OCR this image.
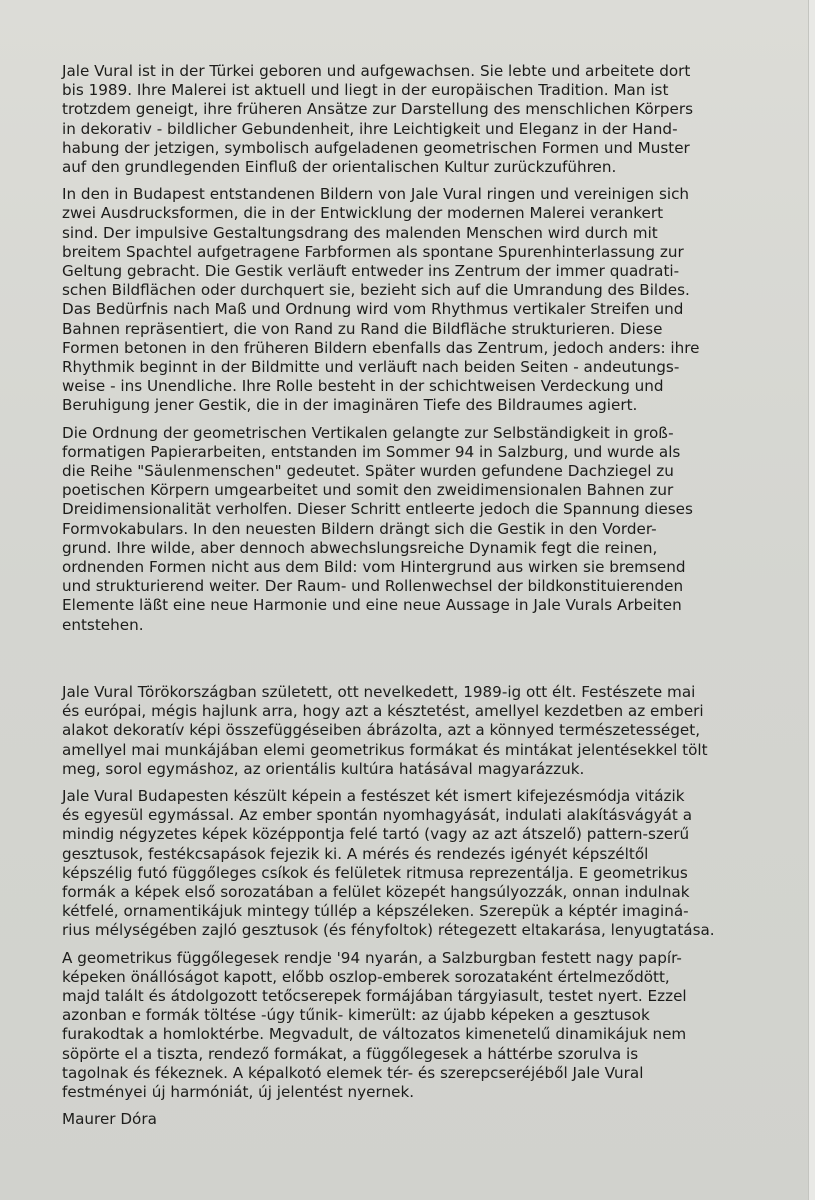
Jale Vural ist in der Türkei geboren und aufgewachsen. Sie lebte und arbeitete dort
bis 1989. Ihre Malerei ist aktuell und liegt in der europäischen Tradition. Man ist
trotzdem geneigt, ihre früheren Ansätze zur Darstellung des menschlichen Körpers
in dekorativ - bildlicher Gebundenheit, ihre Leichtigkeit und Eleganz in der Hand-
habung der jetzigen, symbolisch aufgeladenen geometrischen Formen und Muster
auf den grundlegenden Einfluß der orientalischen Kultur zurückzuführen.

In den in Budapest entstandenen Bildern von Jale Vural ringen und vereinigen sich
zwei Ausdrucksformen, die in der Entwicklung der modernen Malerei verankert
sind. Der impulsive Gestaltungsdrang des malenden Menschen wird durch mit
breitem Spachtel aufgetragene Farbformen als spontane Spurenhinterlassung zur
Geltung gebracht. Die Gestik verläuft entweder ins Zentrum der immer quadrati-
schen Bildflächen oder durchquert sie, bezieht sich auf die Umrandung des Bildes.
Das Bedürfnis nach Maß und Ordnung wird vom Rhythmus vertikaler Streifen und
Bahnen repräsentiert, die von Rand zu Rand die Bildfläche strukturieren. Diese
Formen betonen in den früheren Bildern ebenfalls das Zentrum, jedoch anders: ihre
Rhythmik beginnt in der Bildmitte und verläuft nach beiden Seiten - andeutungs-
weise - ins Unendliche. Ihre Rolle besteht in der schichtweisen Verdeckung und
Beruhigung jener Gestik, die in der imaginären Tiefe des Bildraumes agiert.

Die Ordnung der geometrischen Vertikalen gelangte zur Selbständigkeit in groß-
formatigen Papierarbeiten, entstanden im Sommer 94 in Salzburg, und wurde als
die Reihe "Säulenmenschen" gedeutet. Später wurden gefundene Dachziegel zu
poetischen Körpern umgearbeitet und somit den zweidimensionalen Bahnen zur
Dreidimensionalität verholfen. Dieser Schritt entleerte jedoch die Spannung dieses
Formvokabulars. In den neuesten Bildern drängt sich die Gestik in den Vorder-
grund. Ihre wilde, aber dennoch abwechslungsreiche Dynamik fegt die reinen,
ordnenden Formen nicht aus dem Bild: vom Hintergrund aus wirken sie bremsend
und strukturierend weiter. Der Raum- und Rollenwechsel der bildkonstituierenden
Elemente läßt eine neue Harmonie und eine neue Aussage in Jale Vurals Arbeiten
entstehen.

Jale Vural Törökországban született, ott nevelkedett, 1989-ig ott élt. Festészete mai
és európai, mégis hajlunk arra, hogy azt a késztetést, amellyel kezdetben az emberi
alakot dekoratív képi összefüggéseiben ábrázolta, azt a könnyed természetességet,
amellyel mai munkájában elemi geometrikus formákat és mintákat jelentésekkel tölt
meg, sorol egymáshoz, az orientális kultúra hatásával magyarázzuk.

Jale Vural Budapesten készült képein a festészet két ismert kifejezésmódja vitázik
és egyesül egymással. Az ember spontán nyomhagyását, indulati alakításvágyát a
mindig négyzetes képek középpontja felé tartó (vagy az azt átszelő) pattern-szerű
gesztusok, festékcsapások fejezik ki. A mérés és rendezés igényét képszéltől
képszélig futó függőleges csíkok és felületek ritmusa reprezentálja. E geometrikus
formák a képek első sorozatában a felület közepét hangsúlyozzák, onnan indulnak
kétfelé, ornamentikájuk mintegy túllép a képszéleken. Szerepük a képtér imaginá-
rius mélységében zajló gesztusok (és fényfoltok) rétegezett eltakarása, lenyugtatása.

A geometrikus függőlegesek rendje '94 nyarán, a Salzburgban festett nagy papír-
képeken önállóságot kapott, előbb oszlop-emberek sorozataként értelmeződött,
majd talált és átdolgozott tetőcserepek formájában tárgyiasult, testet nyert. Ezzel
azonban e formák töltése -úgy tűnik- kimerült: az újabb képeken a gesztusok
furakodtak a homloktérbe. Megvadult, de változatos kimenetelű dinamikájuk nem
söpörte el a tiszta, rendező formákat, a függőlegesek a háttérbe szorulva is
tagolnak és fékeznek. A képalkotó elemek tér- és szerepcseréjéből Jale Vural
festményei új harmóniát, új jelentést nyernek.

Maurer Dóra
